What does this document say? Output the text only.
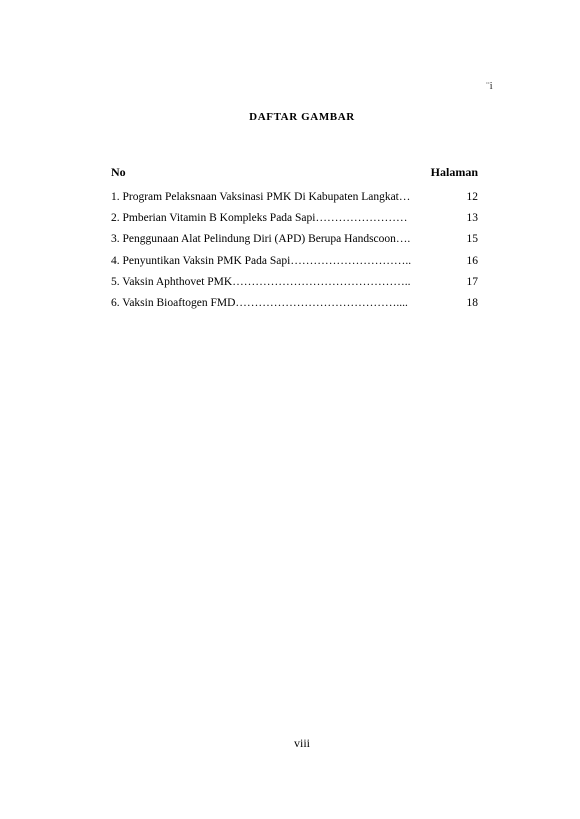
¨i
DAFTAR GAMBAR
No	Halaman
1. Program Pelaksnaan Vaksinasi PMK Di Kabupaten Langkat…	12
2. Pmberian Vitamin B Kompleks Pada Sapi……………………	13
3. Penggunaan Alat Pelindung Diri (APD) Berupa Handscoon….	15
4. Penyuntikan Vaksin PMK Pada Sapi…………………………..	16
5. Vaksin Aphthovet PMK………………………………………..	17
6. Vaksin Bioaftogen FMD……………………………………....	18
viii
